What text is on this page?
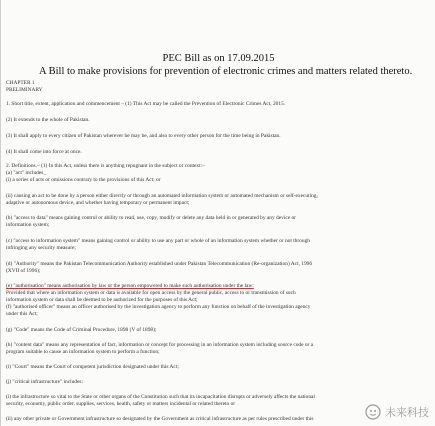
PEC Bill as on 17.09.2015
A Bill to make provisions for prevention of electronic crimes and matters related thereto.
CHAPTER 1
PRELIMINARY
1. Short title, extent, application and commencement – (1) This Act may be called the Prevention of Electronic Crimes Act, 2015.
(2) It extends to the whole of Pakistan.
(3) It shall apply to every citizen of Pakistan wherever he may be, and also to every other person for the time being in Pakistan.
(4) It shall come into force at once.
2. Definitions.– (1) In this Act, unless there is anything repugnant in the subject or context:–
(a) "act" includes_
(i) a series of acts or omissions contrary to the provisions of this Act; or
(ii) causing an act to be done by a person either directly or through an automated information system or automated mechanism or self-executing,
adaptive or autonomous device, and whether having temporary or permanent impact;
(b) "access to data" means gaining control or ability to read, use, copy, modify or delete any data held in or generated by any device or
information system;
(c) "access to information system" means gaining control or ability to use any part or whole of an information system whether or not through
infringing any security measure;
(d) "Authority" means the Pakistan Telecommunication Authority established under Pakistan Telecommunication (Re-organization) Act, 1996
(XVII of 1996);
(e) "authorisation" means authorisation by law or the person empowered to make such authorisation under the law:
Provided that where an information system or data is available for open access by the general public, access to or transmission of such
information system or data shall be deemed to be authorized for the purposes of this Act;
(f) "authorised officer" means an officer authorised by the investigation agency to perform any function on behalf of the investigation agency
under this Act;
(g) "Code" means the Code of Criminal Procedure, 1898 (V of 1898);
(h) "content data" means any representation of fact, information or concept for processing in an information system including source code or a
program suitable to cause an information system to perform a function;
(i) "Court" means the Court of competent jurisdiction designated under this Act;
(j) "critical infrastructure" includes:
(i) the infrastructure so vital to the State or other organs of the Constitution such that its incapacitation disrupts or adversely affects the national
security, economy, public order, supplies, services, health, safety or matters incidental or related thereto or
(ii) any other private or Government infrastructure so designated by the Government as critical infrastructure as per rules prescribed under this	未来科技
